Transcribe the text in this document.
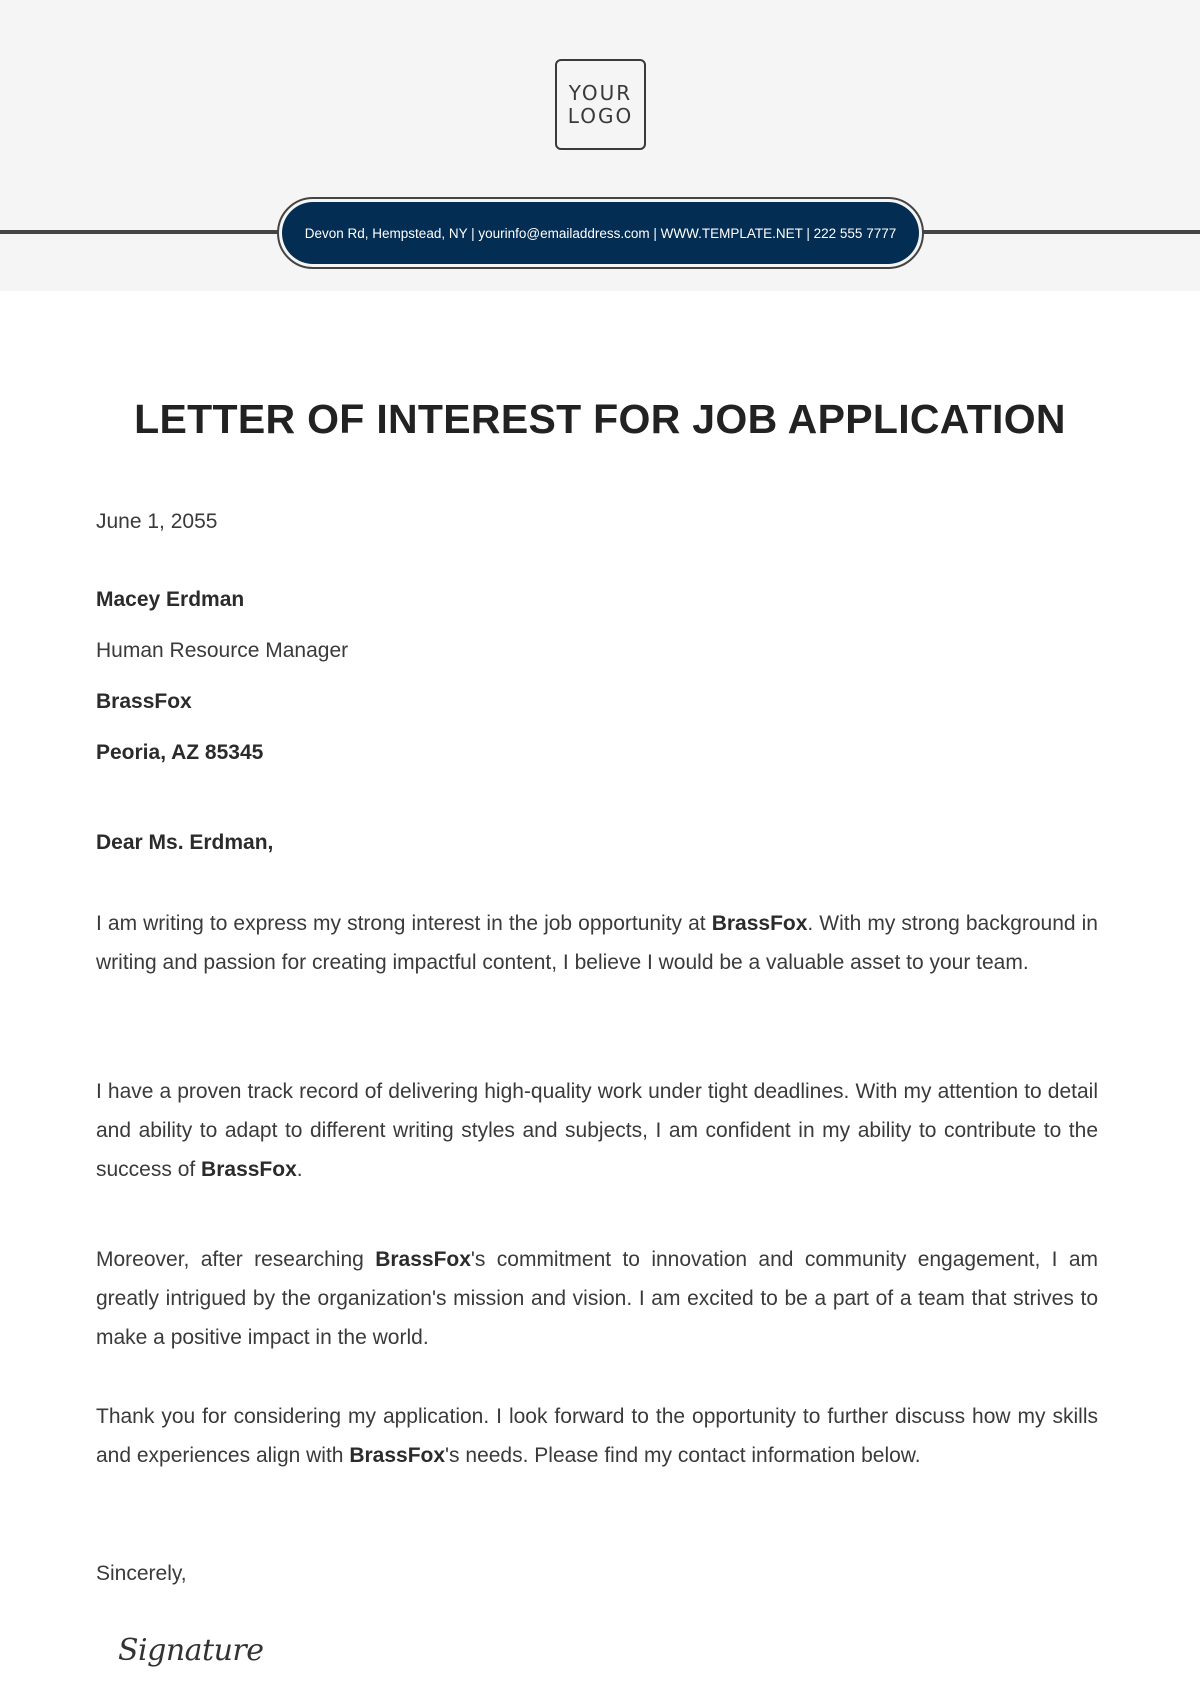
YOUR
LOGO
Devon Rd, Hempstead, NY | yourinfo@emailaddress.com | WWW.TEMPLATE.NET | 222 555 7777
LETTER OF INTEREST FOR JOB APPLICATION
June 1, 2055
Macey Erdman
Human Resource Manager
BrassFox
Peoria, AZ 85345
Dear Ms. Erdman,

I am writing to express my strong interest in the job opportunity at BrassFox. With my strong background in writing and passion for creating impactful content, I believe I would be a valuable asset to your team.

I have a proven track record of delivering high-quality work under tight deadlines. With my attention to detail and ability to adapt to different writing styles and subjects, I am confident in my ability to contribute to the success of BrassFox.

Moreover, after researching BrassFox's commitment to innovation and community engagement, I am greatly intrigued by the organization's mission and vision. I am excited to be a part of a team that strives to make a positive impact in the world.

Thank you for considering my application. I look forward to the opportunity to further discuss how my skills and experiences align with BrassFox's needs. Please find my contact information below.

Sincerely,
Signature
